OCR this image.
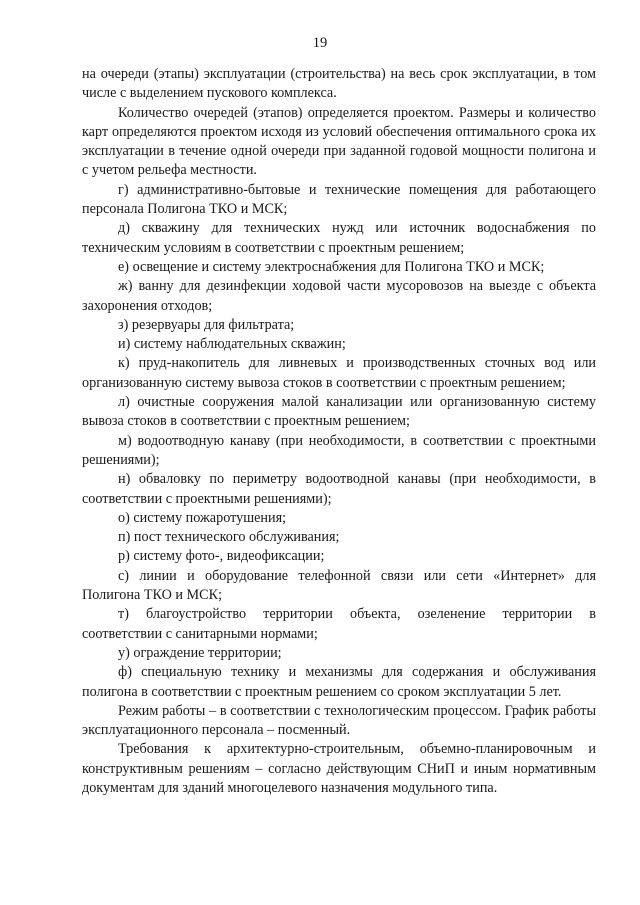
19

на очереди (этапы) эксплуатации (строительства) на весь срок эксплуатации, в том числе с выделением пускового комплекса.

Количество очередей (этапов) определяется проектом. Размеры и количество карт определяются проектом исходя из условий обеспечения оптимального срока их эксплуатации в течение одной очереди при заданной годовой мощности полигона и с учетом рельефа местности.

г) административно-бытовые и технические помещения для работающего персонала Полигона ТКО и МСК;

д) скважину для технических нужд или источник водоснабжения по техническим условиям в соответствии с проектным решением;

е) освещение и систему электроснабжения для Полигона ТКО и МСК;

ж) ванну для дезинфекции ходовой части мусоровозов на выезде с объекта захоронения отходов;

з) резервуары для фильтрата;

и) систему наблюдательных скважин;

к) пруд-накопитель для ливневых и производственных сточных вод или организованную систему вывоза стоков в соответствии с проектным решением;

л) очистные сооружения малой канализации или организованную систему вывоза стоков в соответствии с проектным решением;

м) водоотводную канаву (при необходимости, в соответствии с проектными решениями);

н) обваловку по периметру водоотводной канавы (при необходимости, в соответствии с проектными решениями);

о) систему пожаротушения;

п) пост технического обслуживания;

р) систему фото-, видеофиксации;

с) линии и оборудование телефонной связи или сети «Интернет» для Полигона ТКО и МСК;

т) благоустройство территории объекта, озеленение территории в соответствии с санитарными нормами;

у) ограждение территории;

ф) специальную технику и механизмы для содержания и обслуживания полигона в соответствии с проектным решением со сроком эксплуатации 5 лет.

Режим работы – в соответствии с технологическим процессом. График работы эксплуатационного персонала – посменный.

Требования к архитектурно-строительным, объемно-планировочным и конструктивным решениям – согласно действующим СНиП и иным нормативным документам для зданий многоцелевого назначения модульного типа.
